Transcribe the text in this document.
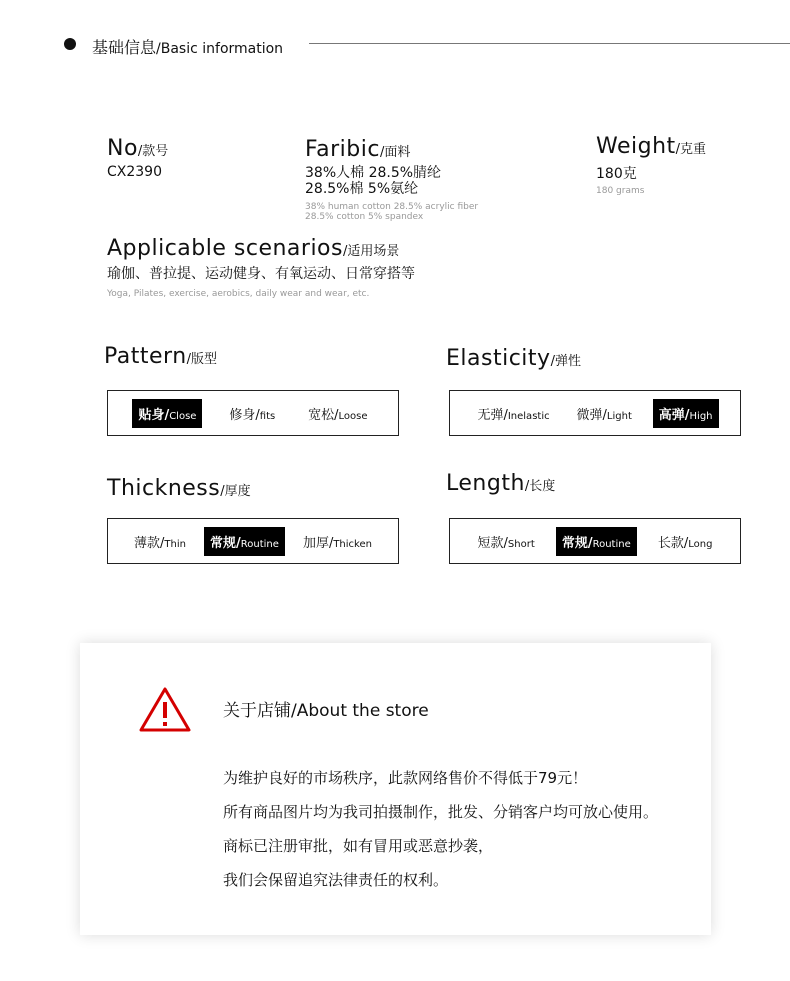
基础信息/Basic information
No/款号
CX2390
Faribic/面料
38%人棉 28.5%腈纶
28.5%棉 5%氨纶
38% human cotton 28.5% acrylic fiber
28.5% cotton 5% spandex
Weight/克重
180克
180 grams
Applicable scenarios/适用场景
瑜伽、普拉提、运动健身、有氧运动、日常穿搭等
Yoga, Pilates, exercise, aerobics, daily wear and wear, etc.
Pattern/版型
贴身/Close	修身/fits	宽松/Loose
Elasticity/弹性
无弹/Inelastic	微弹/Light	高弹/High
Thickness/厚度
薄款/Thin	常规/Routine	加厚/Thicken
Length/长度
短款/Short	常规/Routine	长款/Long
关于店铺/About the store
为维护良好的市场秩序，此款网络售价不得低于79元！
所有商品图片均为我司拍摄制作，批发、分销客户均可放心使用。
商标已注册审批，如有冒用或恶意抄袭，
我们会保留追究法律责任的权利。
